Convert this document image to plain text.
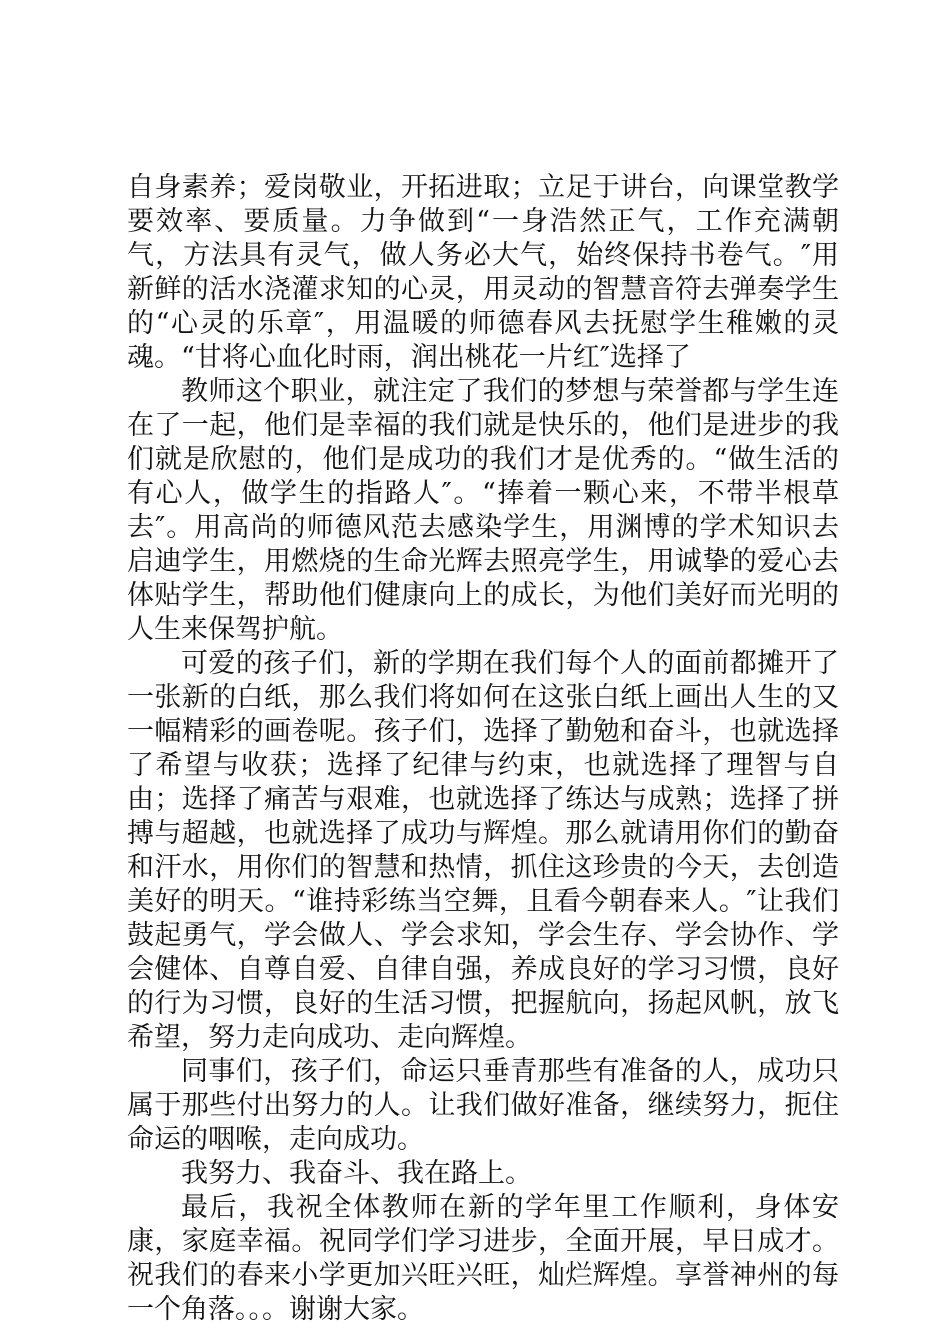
自身素养；爱岗敬业，开拓进取；立足于讲台，向课堂教学要效率、要质量。力争做到“一身浩然正气，工作充满朝气，方法具有灵气，做人务必大气，始终保持书卷气。″用新鲜的活水浇灌求知的心灵，用灵动的智慧音符去弹奏学生的“心灵的乐章″，用温暖的师德春风去抚慰学生稚嫩的灵魂。“甘将心血化时雨，润出桃花一片红″选择了

教师这个职业，就注定了我们的梦想与荣誉都与学生连在了一起，他们是幸福的我们就是快乐的，他们是进步的我们就是欣慰的，他们是成功的我们才是优秀的。“做生活的有心人，做学生的指路人″。“捧着一颗心来，不带半根草去″。用高尚的师德风范去感染学生，用渊博的学术知识去启迪学生，用燃烧的生命光辉去照亮学生，用诚挚的爱心去体贴学生，帮助他们健康向上的成长，为他们美好而光明的人生来保驾护航。

可爱的孩子们，新的学期在我们每个人的面前都摊开了一张新的白纸，那么我们将如何在这张白纸上画出人生的又一幅精彩的画卷呢。孩子们，选择了勤勉和奋斗，也就选择了希望与收获；选择了纪律与约束，也就选择了理智与自由；选择了痛苦与艰难，也就选择了练达与成熟；选择了拼搏与超越，也就选择了成功与辉煌。那么就请用你们的勤奋和汗水，用你们的智慧和热情，抓住这珍贵的今天，去创造美好的明天。“谁持彩练当空舞，且看今朝春来人。″让我们鼓起勇气，学会做人、学会求知，学会生存、学会协作、学会健体、自尊自爱、自律自强，养成良好的学习习惯，良好的行为习惯，良好的生活习惯，把握航向，扬起风帆，放飞希望，努力走向成功、走向辉煌。

同事们，孩子们，命运只垂青那些有准备的人，成功只属于那些付出努力的人。让我们做好准备，继续努力，扼住命运的咽喉，走向成功。

我努力、我奋斗、我在路上。

最后，我祝全体教师在新的学年里工作顺利，身体安康，家庭幸福。祝同学们学习进步，全面开展，早日成才。祝我们的春来小学更加兴旺兴旺，灿烂辉煌。享誉神州的每一个角落。。。谢谢大家。
